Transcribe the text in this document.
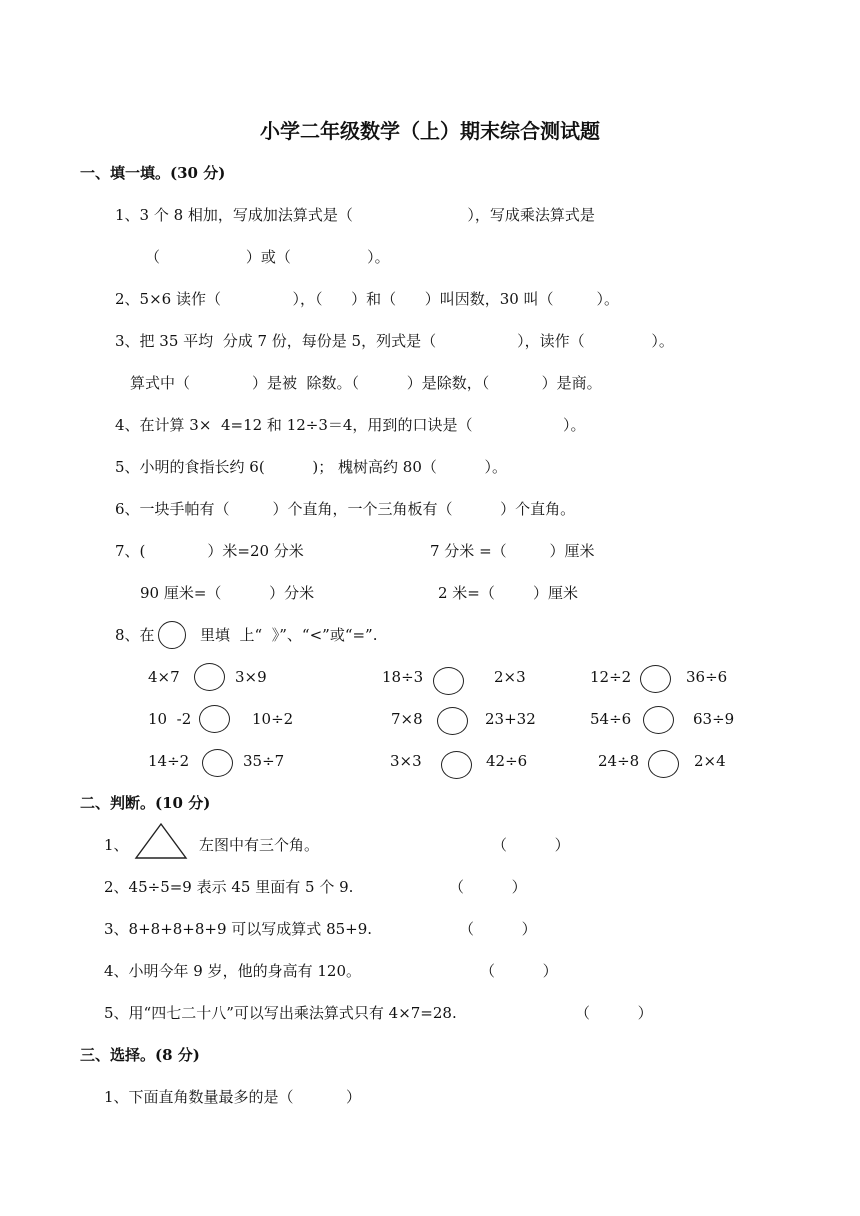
小学二年级数学（上）期末综合测试题
一、填一填。(30 分)
1、3 个 8 相加，写成加法算式是（                        ），写成乘法算式是
（                  ）或（                ）。
2、5×6 读作（               ），（      ）和（      ）叫因数，30 叫（         ）。
3、把 35 平均  分成 7 份，每份是 5，列式是（                 ），读作（              ）。
算式中（             ）是被  除数。（          ）是除数，（           ）是商。
4、在计算 3×  4=12 和 12÷3＝4，用到的口诀是（                   ）。
5、小明的食指长约 6(          )； 槐树高约 80（          ）。
6、一块手帕有（         ）个直角，一个三角板有（          ）个直角。
7、(             ）米=20 分米	7 分米 =（         ）厘米
90 厘米=（          ）分米	2 米=（        ）厘米
8、在	里填  上“  》”、“<”或“=”.
4×7	3×9	18÷3	2×3	12÷2	36÷6
10  -2	10÷2	7×8	23+32	54÷6	63÷9
14÷2	35÷7	3×3	42÷6	24÷8	2×4
二、判断。(10 分)
1、	左图中有三个角。	（          ）
2、45÷5=9 表示 45 里面有 5 个 9.	（          ）
3、8+8+8+8+9 可以写成算式 85+9.	（          ）
4、小明今年 9 岁，他的身高有 120。	（          ）
5、用“四七二十八”可以写出乘法算式只有 4×7=28.	（          ）
三、选择。(8 分)
1、下面直角数量最多的是（           ）
